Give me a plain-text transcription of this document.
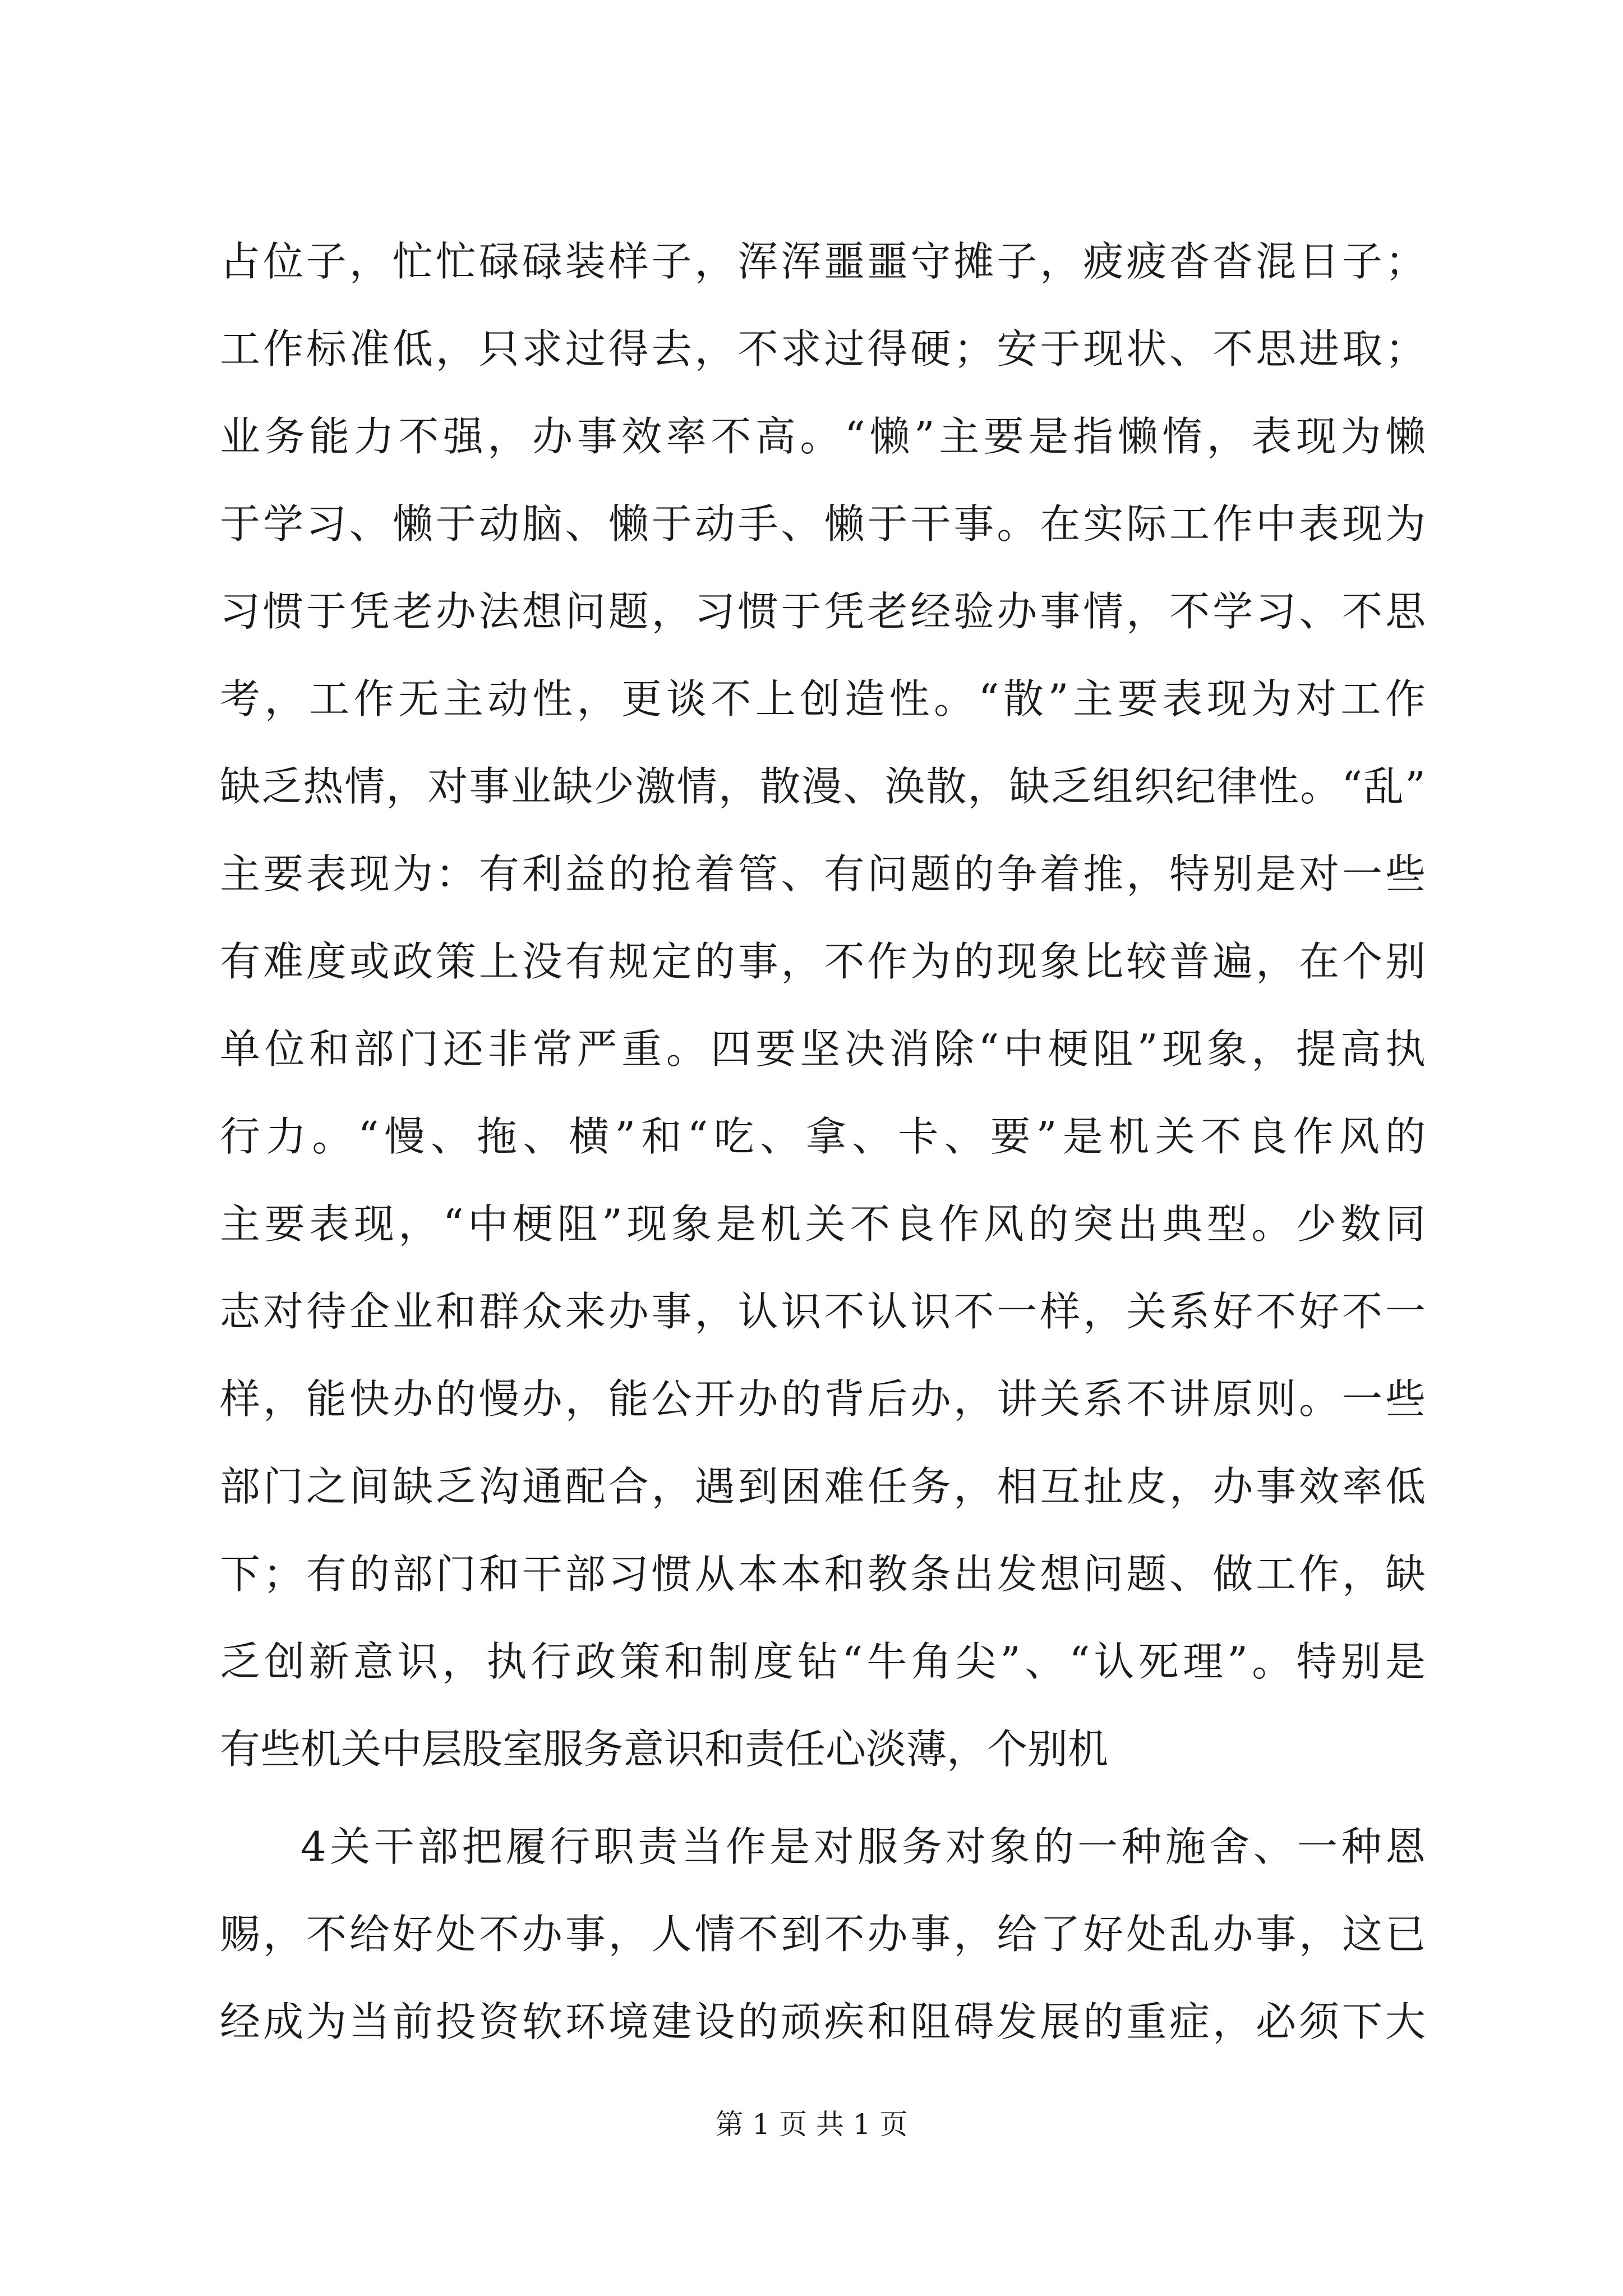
占位子，忙忙碌碌装样子，浑浑噩噩守摊子，疲疲沓沓混日子；
工作标准低，只求过得去，不求过得硬；安于现状、不思进取；
业务能力不强，办事效率不高。“懒”主要是指懒惰，表现为懒
于学习、懒于动脑、懒于动手、懒于干事。在实际工作中表现为
习惯于凭老办法想问题，习惯于凭老经验办事情，不学习、不思
考，工作无主动性，更谈不上创造性。“散”主要表现为对工作
缺乏热情，对事业缺少激情，散漫、涣散，缺乏组织纪律性。“乱”
主要表现为：有利益的抢着管、有问题的争着推，特别是对一些
有难度或政策上没有规定的事，不作为的现象比较普遍，在个别
单位和部门还非常严重。四要坚决消除“中梗阻”现象，提高执
行力。“慢、拖、横”和“吃、拿、卡、要”是机关不良作风的
主要表现，“中梗阻”现象是机关不良作风的突出典型。少数同
志对待企业和群众来办事，认识不认识不一样，关系好不好不一
样，能快办的慢办，能公开办的背后办，讲关系不讲原则。一些
部门之间缺乏沟通配合，遇到困难任务，相互扯皮，办事效率低
下；有的部门和干部习惯从本本和教条出发想问题、做工作，缺
乏创新意识，执行政策和制度钻“牛角尖”、“认死理”。特别是
有些机关中层股室服务意识和责任心淡薄，个别机
4关干部把履行职责当作是对服务对象的一种施舍、一种恩
赐，不给好处不办事，人情不到不办事，给了好处乱办事，这已
经成为当前投资软环境建设的顽疾和阻碍发展的重症，必须下大
第 1 页 共 1 页
